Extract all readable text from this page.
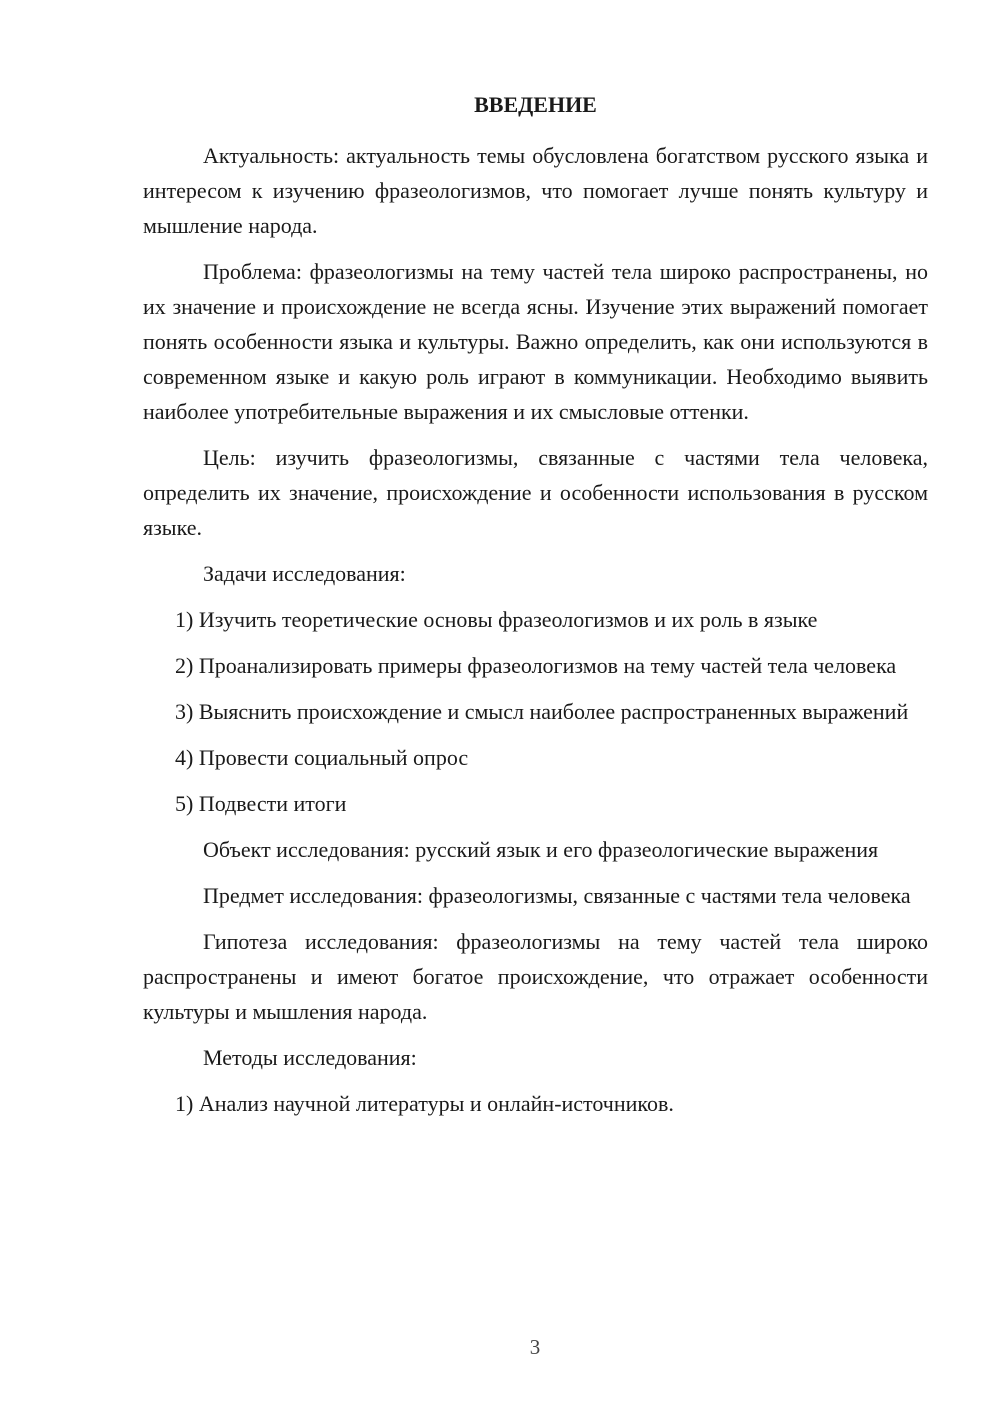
ВВЕДЕНИЕ

Актуальность: актуальность темы обусловлена богатством русского языка и интересом к изучению фразеологизмов, что помогает лучше понять культуру и мышление народа.

Проблема: фразеологизмы на тему частей тела широко распространены, но их значение и происхождение не всегда ясны. Изучение этих выражений помогает понять особенности языка и культуры. Важно определить, как они используются в современном языке и какую роль играют в коммуникации. Необходимо выявить наиболее употребительные выражения и их смысловые оттенки.

Цель: изучить фразеологизмы, связанные с частями тела человека, определить их значение, происхождение и особенности использования в русском языке.

Задачи исследования:

1) Изучить теоретические основы фразеологизмов и их роль в языке

2) Проанализировать примеры фразеологизмов на тему частей тела человека

3) Выяснить происхождение и смысл наиболее распространенных выражений

4) Провести социальный опрос

5) Подвести итоги

Объект исследования: русский язык и его фразеологические выражения

Предмет исследования: фразеологизмы, связанные с частями тела человека

Гипотеза исследования: фразеологизмы на тему частей тела широко распространены и имеют богатое происхождение, что отражает особенности культуры и мышления народа.

Методы исследования:

1) Анализ научной литературы и онлайн-источников.

3
